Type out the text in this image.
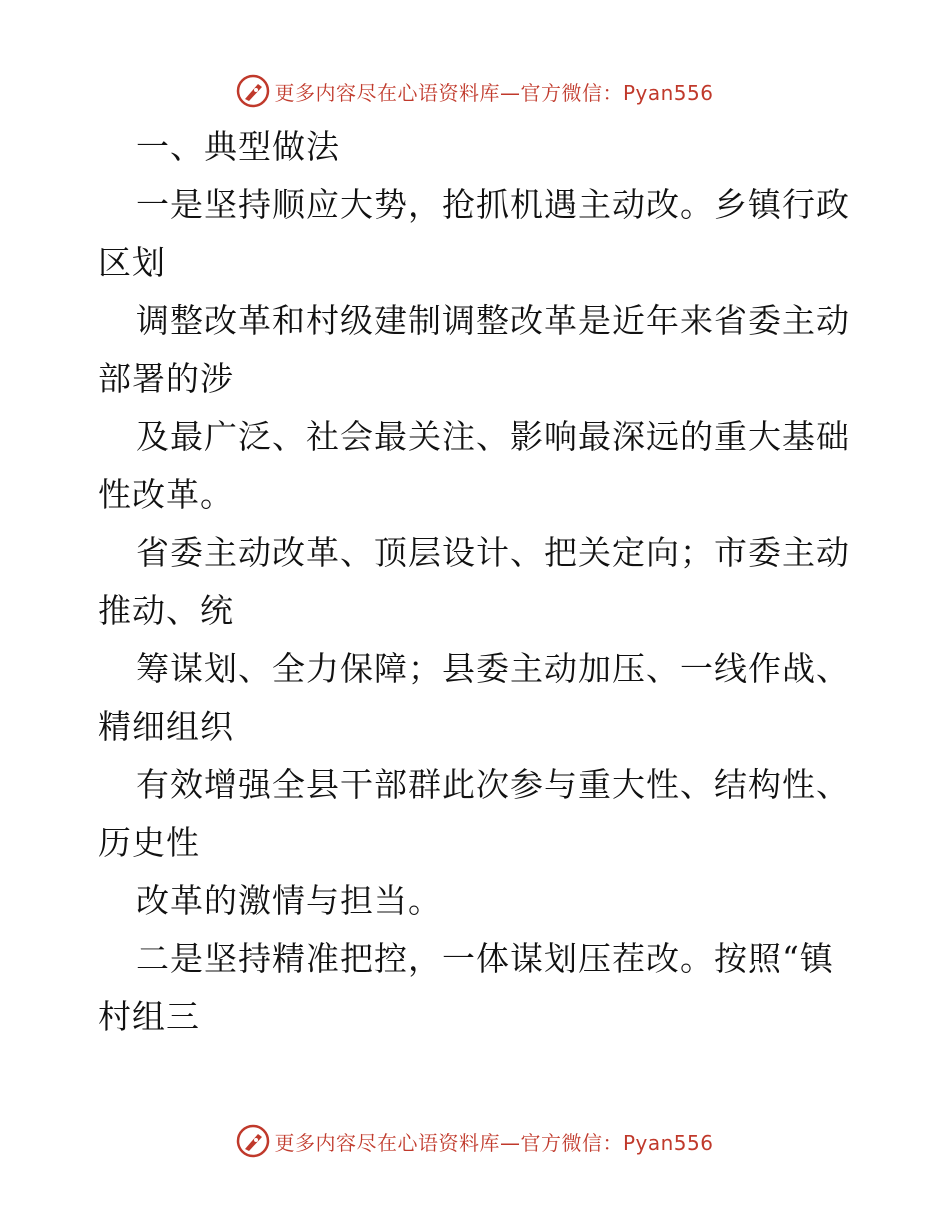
更多内容尽在心语资料库—官方微信：Pyan556
一、典型做法
一是坚持顺应大势，抢抓机遇主动改。乡镇行政
区划
调整改革和村级建制调整改革是近年来省委主动
部署的涉
及最广泛、社会最关注、影响最深远的重大基础
性改革。
省委主动改革、顶层设计、把关定向；市委主动
推动、统
筹谋划、全力保障；县委主动加压、一线作战、
精细组织
有效增强全县干部群此次参与重大性、结构性、
历史性
改革的激情与担当。
二是坚持精准把控，一体谋划压茬改。按照“镇
村组三
更多内容尽在心语资料库—官方微信：Pyan556
